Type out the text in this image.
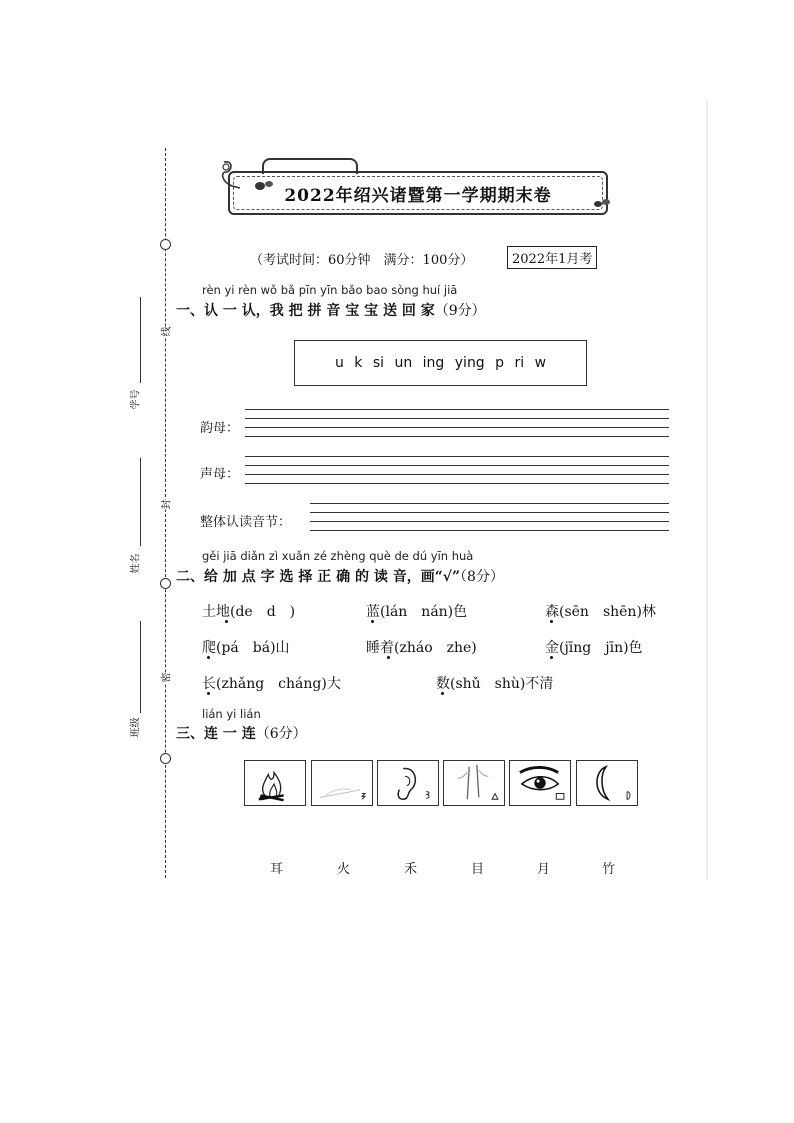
线
封
密
学号
姓名
班级
2022年绍兴诸暨第一学期期末卷
（考试时间：60分钟　满分：100分）	2022年1月考
rèn yi rèn wǒ bǎ pīn yīn bǎo bao sòng huí jiā
一、认 一 认，我 把 拼 音 宝 宝 送 回 家（9分）
u k si un ing ying p ri w
韵母：
声母：
整体认读音节：
gěi jiā diǎn zì xuǎn zé zhèng què de dú yīn huà
二、给 加 点 字 选 择 正 确 的 读 音，画“√”（8分）
土地(de　d　)	蓝(lán　nán)色	森(sēn　shēn)林
爬(pá　bá)山	睡着(zháo　zhe)	金(jīng　jīn)色
长(zhǎng　cháng)大	数(shǔ　shù)不清
lián yi lián
三、连 一 连（6分）
耳	火	禾	目	月	竹
